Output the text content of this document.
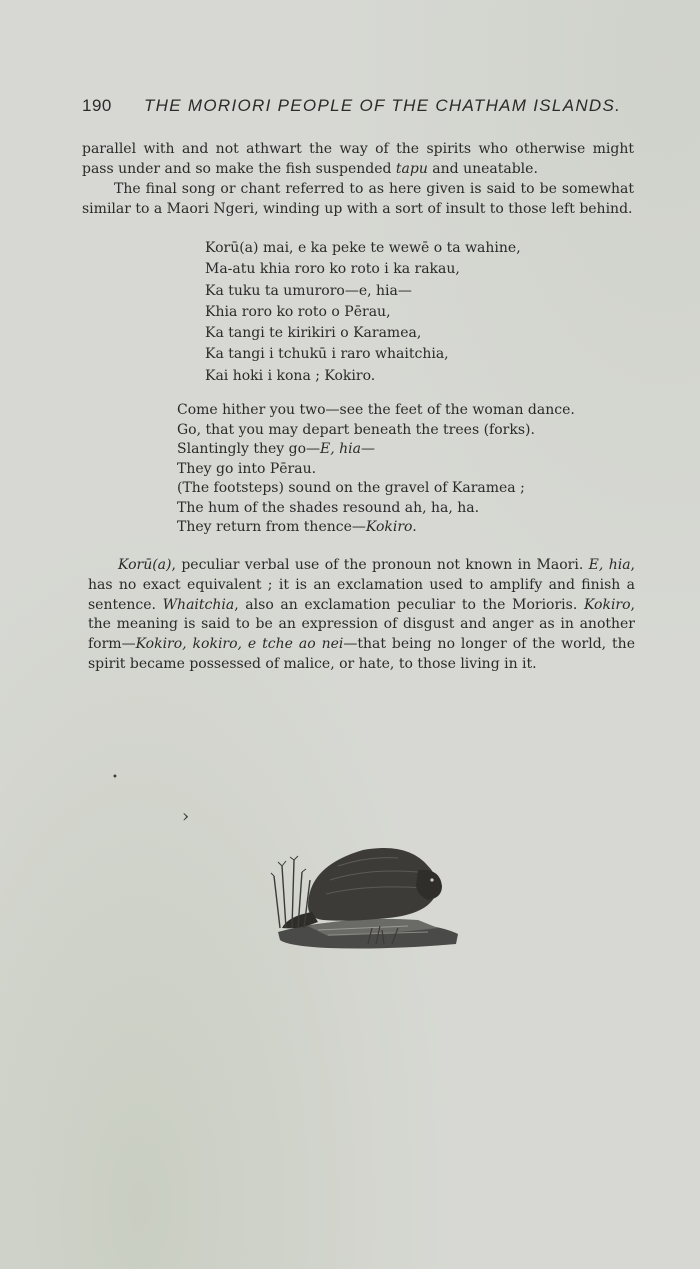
190 THE MORIORI PEOPLE OF THE CHATHAM ISLANDS.

parallel with and not athwart the way of the spirits who otherwise might pass under and so make the fish suspended tapu and uneatable.

The final song or chant referred to as here given is said to be somewhat similar to a Maori Ngeri, winding up with a sort of insult to those left behind.

Korū(a) mai, e ka peke te wewē o ta wahine,
Ma-atu khia roro ko roto i ka rakau,
Ka tuku ta umuroro—e, hia—
Khia roro ko roto o Pērau,
Ka tangi te kirikiri o Karamea,
Ka tangi i tchukū i raro whaitchia,
Kai hoki i kona ; Kokiro.
Come hither you two—see the feet of the woman dance.
Go, that you may depart beneath the trees (forks).
Slantingly they go—E, hia—
They go into Pērau.
(The footsteps) sound on the gravel of Karamea ;
The hum of the shades resound ah, ha, ha.
They return from thence—Kokiro.

Korū(a), peculiar verbal use of the pronoun not known in Maori. E, hia, has no exact equivalent ; it is an exclamation used to amplify and finish a sentence. Whaitchia, also an exclamation peculiar to the Morioris. Kokiro, the meaning is said to be an expression of disgust and anger as in another form—Kokiro, kokiro, e tche ao nei—that being no longer of the world, the spirit became possessed of malice, or hate, to those living in it.

›
•
